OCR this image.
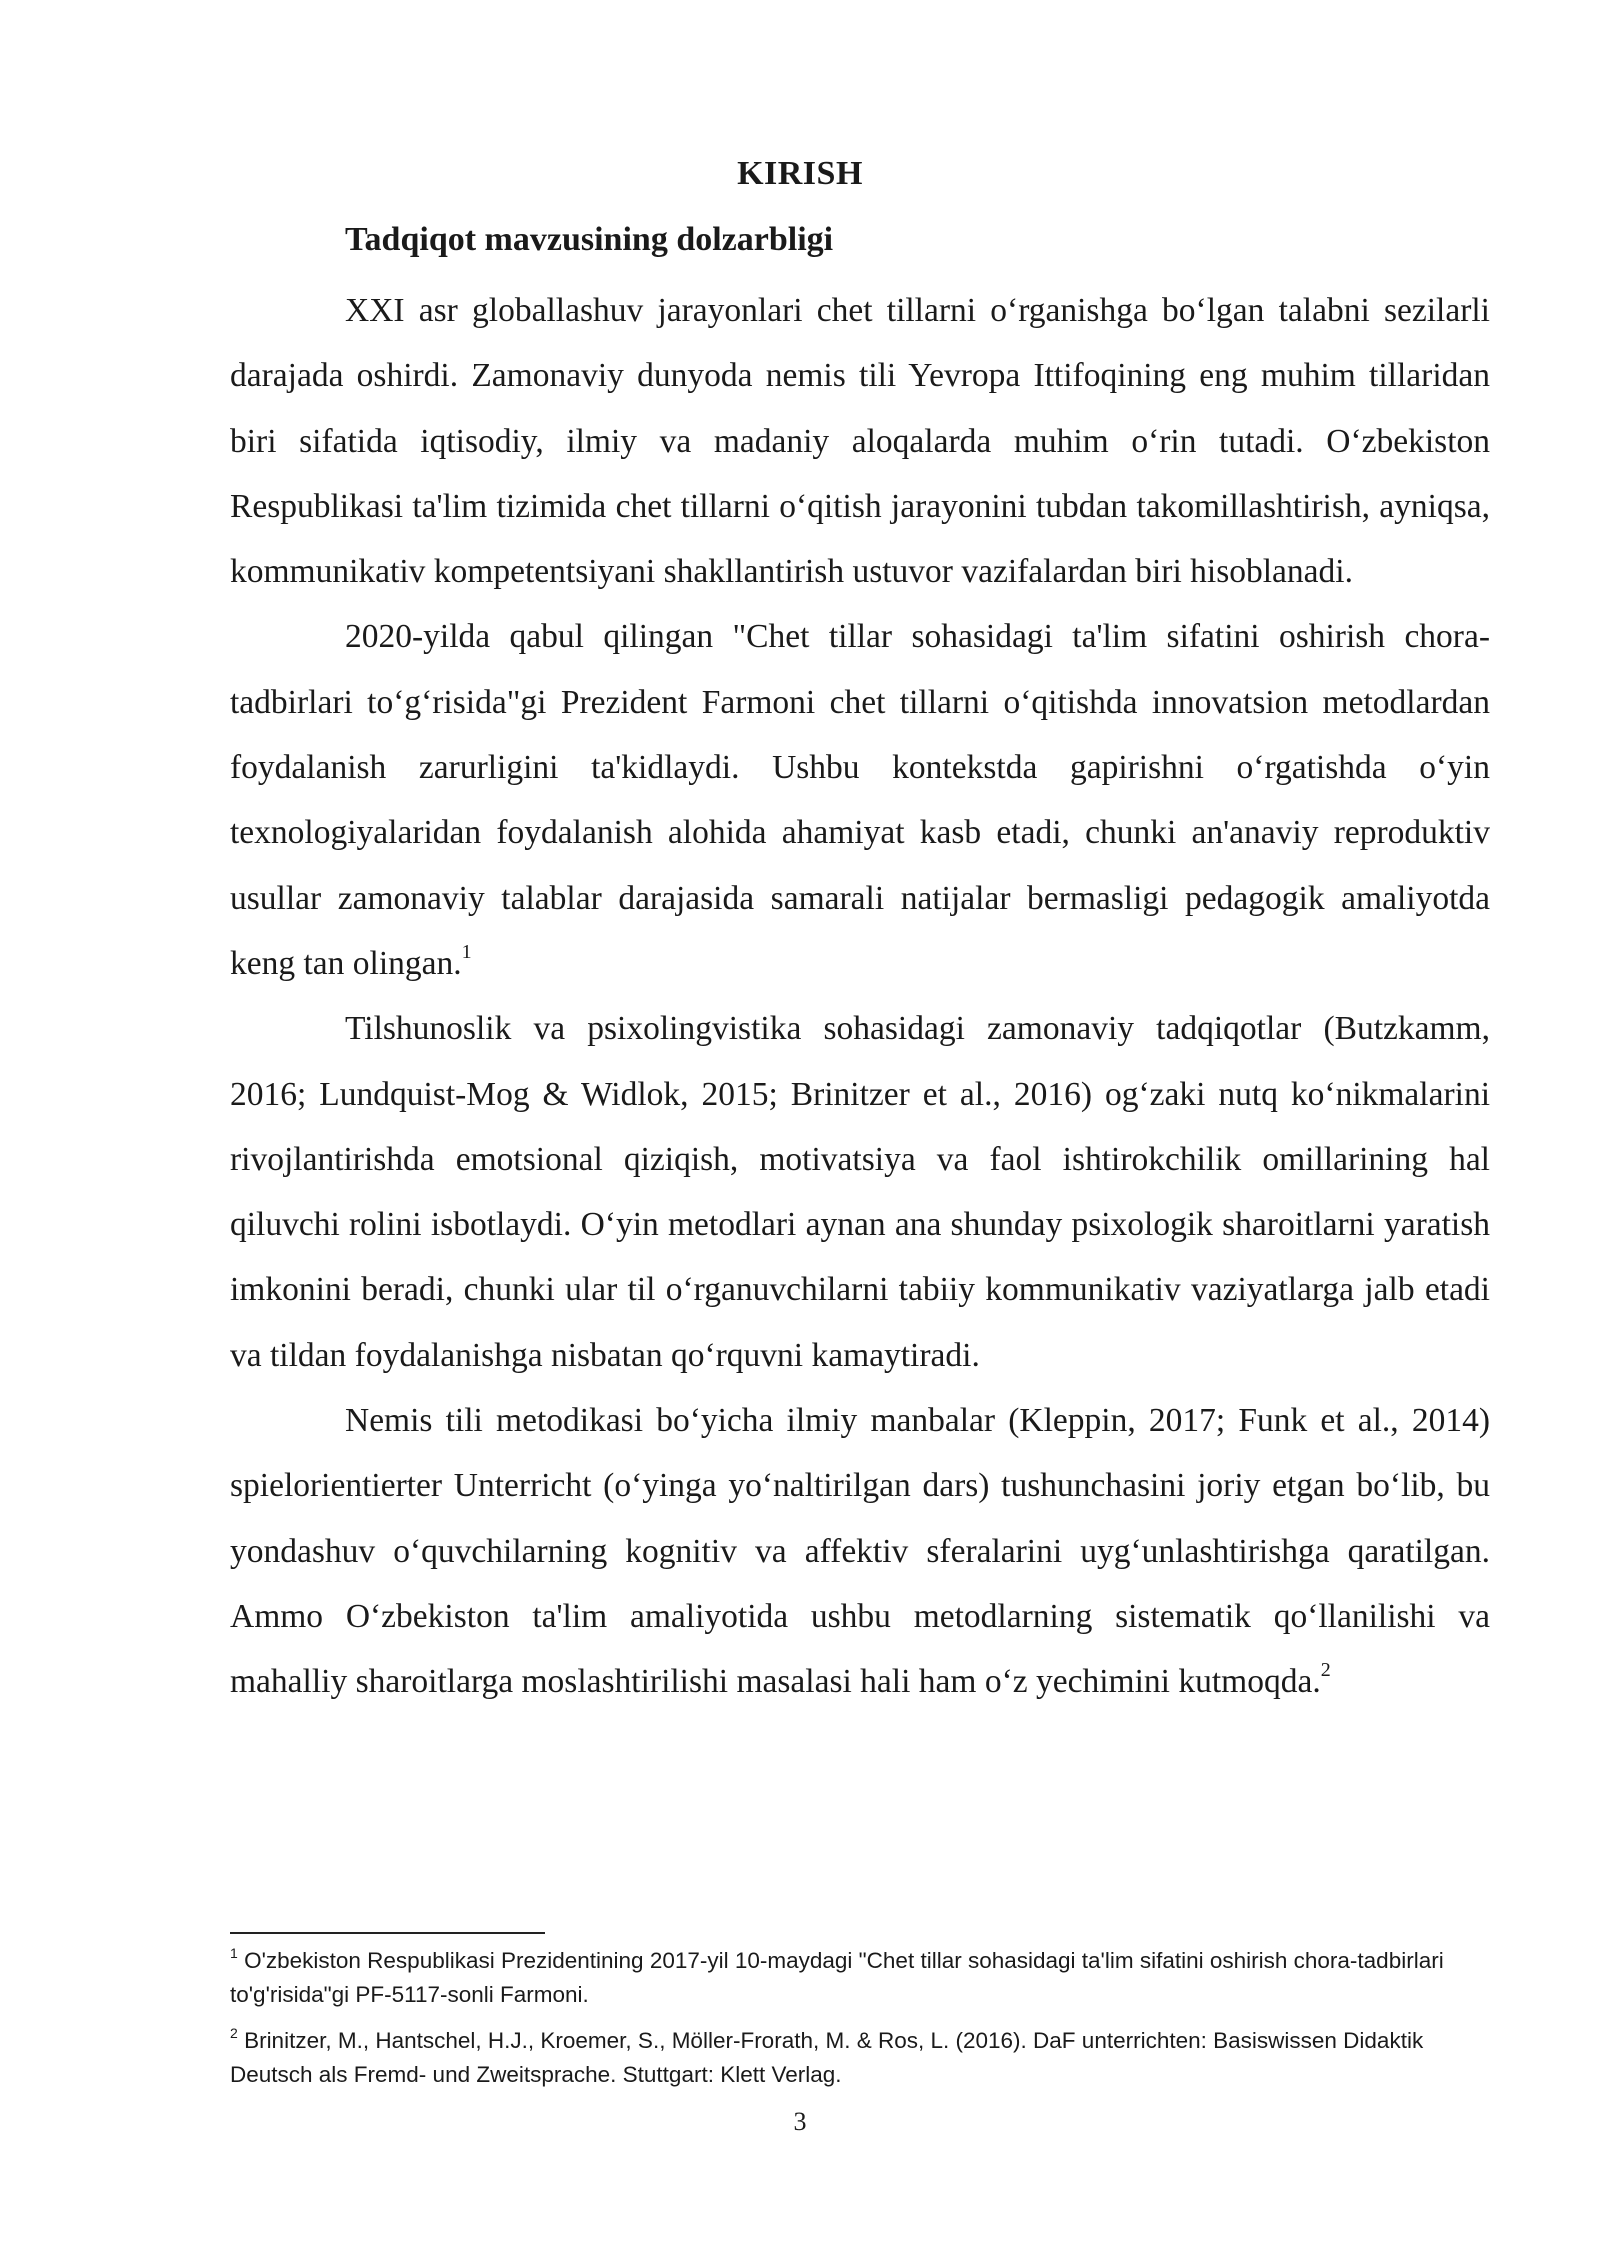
KIRISH
Tadqiqot mavzusining dolzarbligi

XXI asr globallashuv jarayonlari chet tillarni o‘rganishga bo‘lgan talabni sezilarli darajada oshirdi. Zamonaviy dunyoda nemis tili Yevropa Ittifoqining eng muhim tillaridan biri sifatida iqtisodiy, ilmiy va madaniy aloqalarda muhim o‘rin tutadi. O‘zbekiston Respublikasi ta'lim tizimida chet tillarni o‘qitish jarayonini tubdan takomillashtirish, ayniqsa, kommunikativ kompetentsiyani shakllantirish ustuvor vazifalardan biri hisoblanadi.

2020-yilda qabul qilingan "Chet tillar sohasidagi ta'lim sifatini oshirish chora-tadbirlari to‘g‘risida"gi Prezident Farmoni chet tillarni o‘qitishda innovatsion metodlardan foydalanish zarurligini ta'kidlaydi. Ushbu kontekstda gapirishni o‘rgatishda o‘yin texnologiyalaridan foydalanish alohida ahamiyat kasb etadi, chunki an'anaviy reproduktiv usullar zamonaviy talablar darajasida samarali natijalar bermasligi pedagogik amaliyotda keng tan olingan.$^1$

Tilshunoslik va psixolingvistika sohasidagi zamonaviy tadqiqotlar (Butzkamm, 2016; Lundquist-Mog & Widlok, 2015; Brinitzer et al., 2016) og‘zaki nutq ko‘nikmalarini rivojlantirishda emotsional qiziqish, motivatsiya va faol ishtirokchilik omillarining hal qiluvchi rolini isbotlaydi. O‘yin metodlari aynan ana shunday psixologik sharoitlarni yaratish imkonini beradi, chunki ular til o‘rganuvchilarni tabiiy kommunikativ vaziyatlarga jalb etadi va tildan foydalanishga nisbatan qo‘rquvni kamaytiradi.

Nemis tili metodikasi bo‘yicha ilmiy manbalar (Kleppin, 2017; Funk et al., 2014) spielorientierter Unterricht (o‘yinga yo‘naltirilgan dars) tushunchasini joriy etgan bo‘lib, bu yondashuv o‘quvchilarning kognitiv va affektiv sferalarini uyg‘unlashtirishga qaratilgan. Ammo O‘zbekiston ta'lim amaliyotida ushbu metodlarning sistematik qo‘llanilishi va mahalliy sharoitlarga moslashtirilishi masalasi hali ham o‘z yechimini kutmoqda.$^2$

$^1$ O'zbekiston Respublikasi Prezidentining 2017-yil 10-maydagi "Chet tillar sohasidagi ta'lim sifatini oshirish chora-tadbirlari to'g'risida"gi PF-5117-sonli Farmoni.

$^2$ Brinitzer, M., Hantschel, H.J., Kroemer, S., Möller-Frorath, M. & Ros, L. (2016). DaF unterrichten: Basiswissen Didaktik Deutsch als Fremd- und Zweitsprache. Stuttgart: Klett Verlag.

3
